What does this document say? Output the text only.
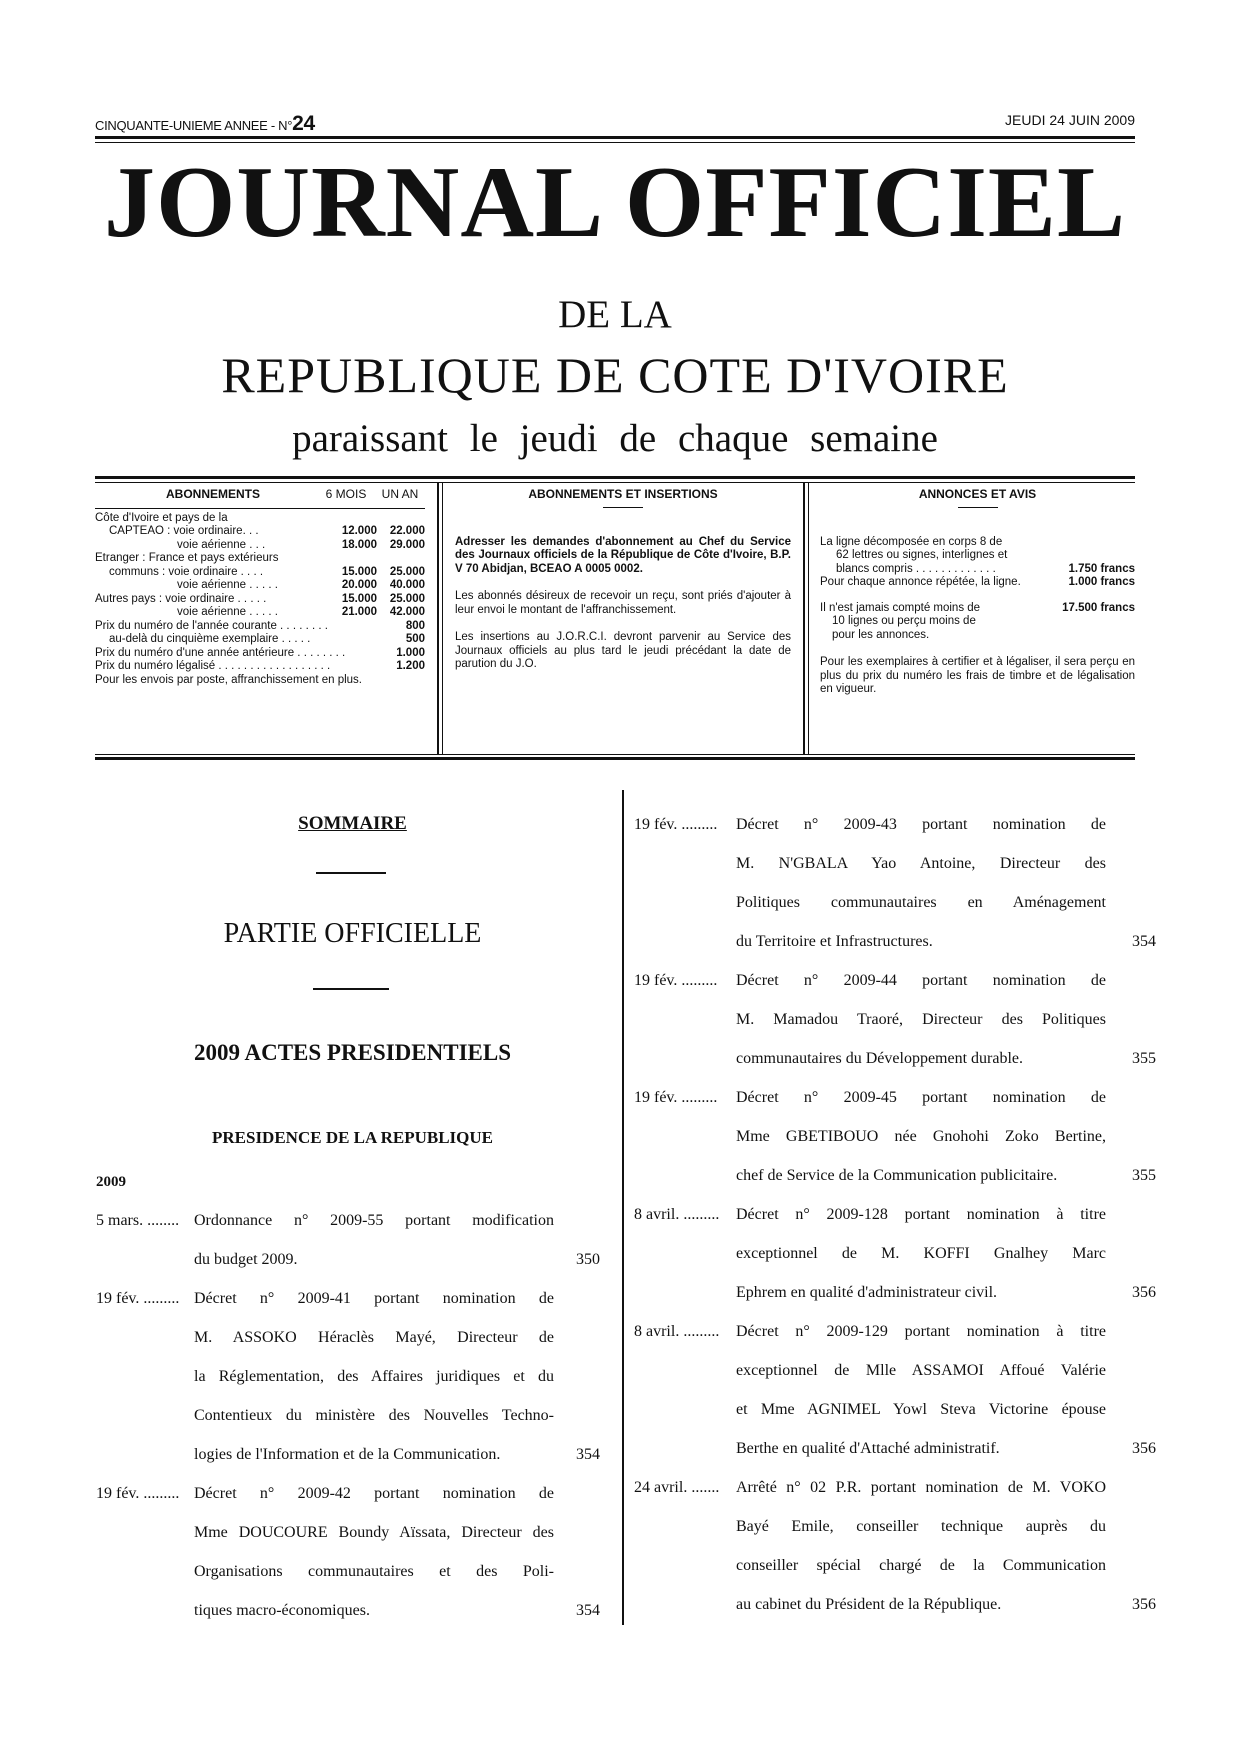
CINQUANTE-UNIEME ANNEE - N°24	JEUDI 24 JUIN 2009
JOURNAL OFFICIEL
DE LA
REPUBLIQUE DE COTE D'IVOIRE
paraissant le jeudi de chaque semaine
ABONNEMENTS	6 MOIS	UN AN
Côte d'Ivoire et pays de la
CAPTEAO : voie ordinaire. . .	12.000	22.000
voie aérienne . . .	18.000	29.000
Etranger : France et pays extérieurs
communs : voie ordinaire . . . .	15.000	25.000
voie aérienne . . . . .	20.000	40.000
Autres pays : voie ordinaire . . . . .	15.000	25.000
voie aérienne . . . . .	21.000	42.000
Prix du numéro de l'année courante . . . . . . . .	800
au-delà du cinquième exemplaire . . . . .	500
Prix du numéro d'une année antérieure . . . . . . . .	1.000
Prix du numéro légalisé . . . . . . . . . . . . . . . . . .	1.200
Pour les envois par poste, affranchissement en plus.
ABONNEMENTS ET INSERTIONS
Adresser les demandes d'abonnement au Chef du Service des Journaux officiels de la République de Côte d'Ivoire, B.P. V 70 Abidjan, BCEAO A 0005 0002.
Les abonnés désireux de recevoir un reçu, sont priés d'ajouter à leur envoi le montant de l'affranchissement.
Les insertions au J.O.R.C.I. devront parvenir au Service des Journaux officiels au plus tard le jeudi précédant la date de parution du J.O.
ANNONCES ET AVIS
La ligne décomposée en corps 8 de
62 lettres ou signes, interlignes et
blancs compris . . . . . . . . . . . . .	1.750 francs
Pour chaque annonce répétée, la ligne.	1.000 francs
Il n'est jamais compté moins de	17.500 francs
10 lignes ou perçu moins de
pour les annonces.
Pour les exemplaires à certifier et à légaliser, il sera perçu en plus du prix du numéro les frais de timbre et de légalisation en vigueur.
SOMMAIRE
PARTIE OFFICIELLE
2009 ACTES PRESIDENTIELS
PRESIDENCE DE LA REPUBLIQUE
2009
5 mars. ........ Ordonnance n° 2009-55 portant modification
du budget 2009.	350
19 fév. ......... Décret n° 2009-41 portant nomination de
M. ASSOKO Héraclès Mayé, Directeur de
la Réglementation, des Affaires juridiques et du
Contentieux du ministère des Nouvelles Techno-
logies de l'Information et de la Communication.	354
19 fév. ......... Décret n° 2009-42 portant nomination de
Mme DOUCOURE Boundy Aïssata, Directeur des
Organisations communautaires et des Poli-
tiques macro-économiques.	354
19 fév. ......... Décret n° 2009-43 portant nomination de
M. N'GBALA Yao Antoine, Directeur des
Politiques communautaires en Aménagement
du Territoire et Infrastructures.	354
19 fév. ......... Décret n° 2009-44 portant nomination de
M. Mamadou Traoré, Directeur des Politiques
communautaires du Développement durable.	355
19 fév. ......... Décret n° 2009-45 portant nomination de
Mme GBETIBOUO née Gnohohi Zoko Bertine,
chef de Service de la Communication publicitaire.	355
8 avril. ......... Décret n° 2009-128 portant nomination à titre
exceptionnel de M. KOFFI Gnalhey Marc
Ephrem en qualité d'administrateur civil.	356
8 avril. ......... Décret n° 2009-129 portant nomination à titre
exceptionnel de Mlle ASSAMOI Affoué Valérie
et Mme AGNIMEL Yowl Steva Victorine épouse
Berthe en qualité d'Attaché administratif.	356
24 avril. ....... Arrêté n° 02 P.R. portant nomination de M. VOKO
Bayé Emile, conseiller technique auprès du
conseiller spécial chargé de la Communication
au cabinet du Président de la République.	356
